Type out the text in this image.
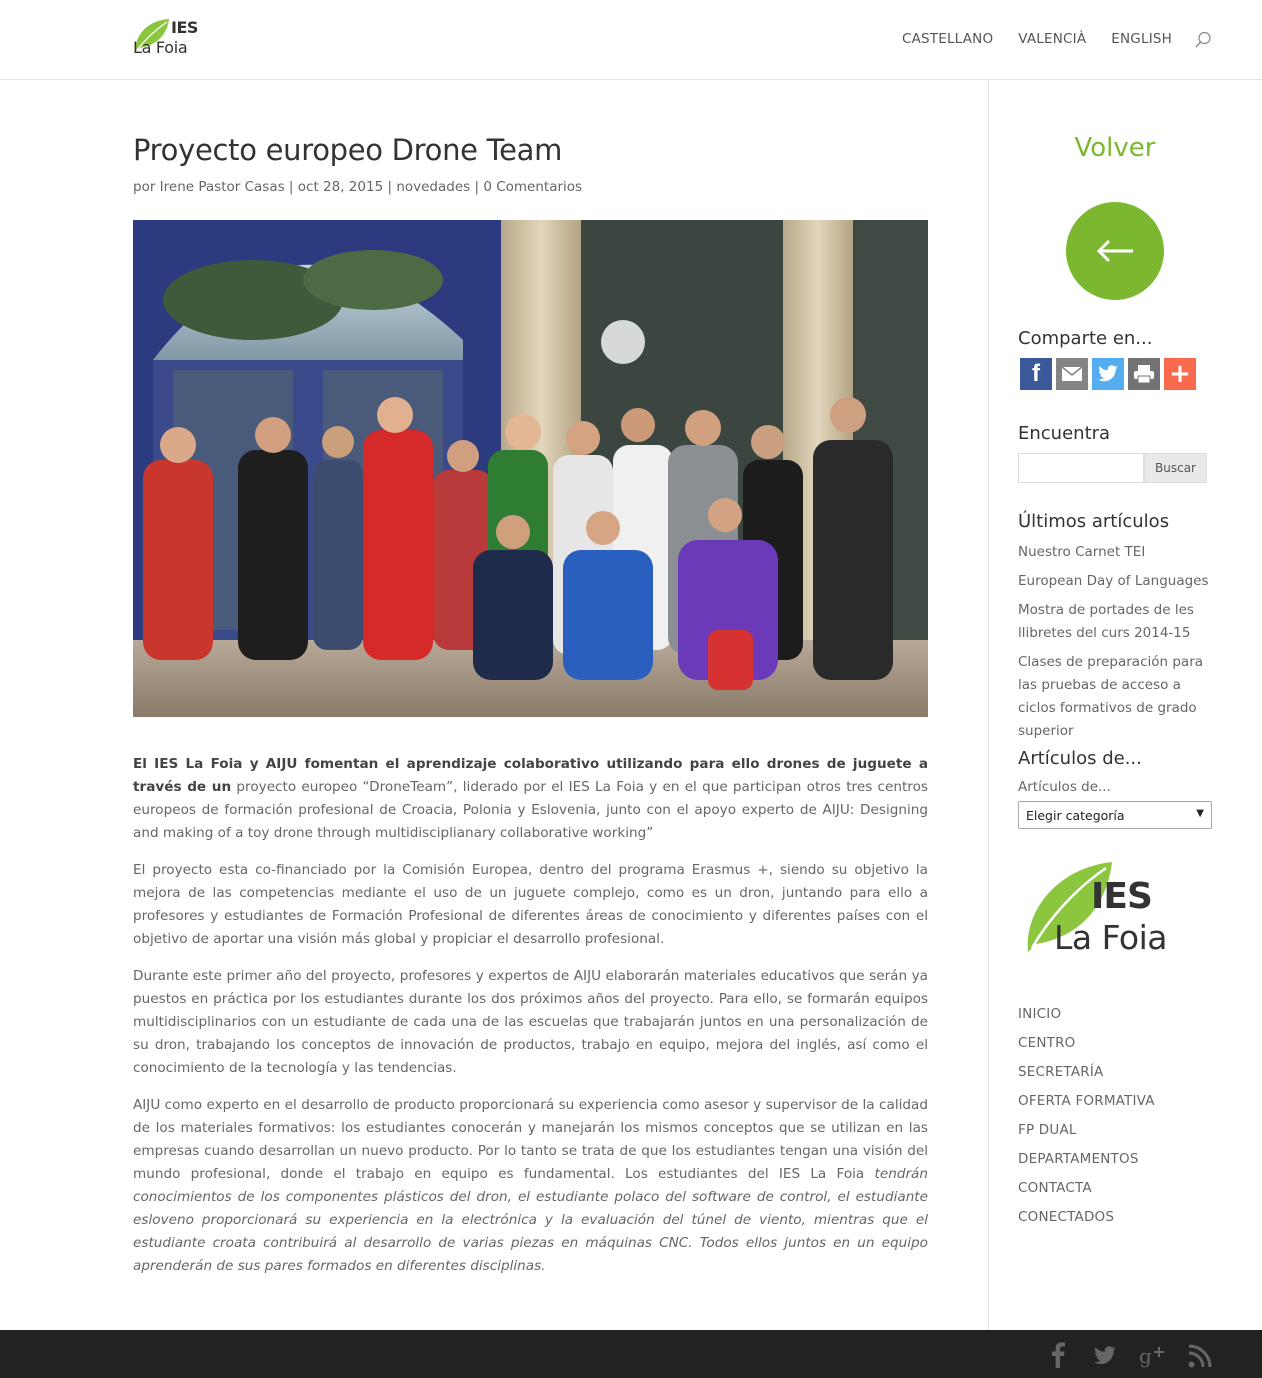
IES
La Foia	CASTELLANO VALENCIÀ ENGLISH
Proyecto europeo Drone Team
por Irene Pastor Casas | oct 28, 2015 | novedades | 0 Comentarios

El IES La Foia y AIJU fomentan el aprendizaje colaborativo utilizando para ello drones de juguete a través de un proyecto europeo “DroneTeam”, liderado por el IES La Foia y en el que participan otros tres centros europeos de formación profesional de Croacia, Polonia y Eslovenia, junto con el apoyo experto de AIJU: Designing and making of a toy drone through multidisciplianary collaborative working”

El proyecto esta co-financiado por la Comisión Europea, dentro del programa Erasmus +, siendo su objetivo la mejora de las competencias mediante el uso de un juguete complejo, como es un dron, juntando para ello a profesores y estudiantes de Formación Profesional de diferentes áreas de conocimiento y diferentes países con el objetivo de aportar una visión más global y propiciar el desarrollo profesional.

Durante este primer año del proyecto, profesores y expertos de AIJU elaborarán materiales educativos que serán ya puestos en práctica por los estudiantes durante los dos próximos años del proyecto. Para ello, se formarán equipos multidisciplinarios con un estudiante de cada una de las escuelas que trabajarán juntos en una personalización de su dron, trabajando los conceptos de innovación de productos, trabajo en equipo, mejora del inglés, así como el conocimiento de la tecnología y las tendencias.

AIJU como experto en el desarrollo de producto proporcionará su experiencia como asesor y supervisor de la calidad de los materiales formativos: los estudiantes conocerán y manejarán los mismos conceptos que se utilizan en las empresas cuando desarrollan un nuevo producto. Por lo tanto se trata de que los estudiantes tengan una visión del mundo profesional, donde el trabajo en equipo es fundamental. Los estudiantes del IES La Foia tendrán conocimientos de los componentes plásticos del dron, el estudiante polaco del software de control, el estudiante esloveno proporcionará su experiencia en la electrónica y la evaluación del túnel de viento, mientras que el estudiante croata contribuirá al desarrollo de varias piezas en máquinas CNC. Todos ellos juntos en un equipo aprenderán de sus pares formados en diferentes disciplinas.

Volver
Comparte en...
f	+
Encuentra
Buscar
Últimos artículos
Nuestro Carnet TEI
European Day of Languages
Mostra de portades de les llibretes del curs 2014-15
Clases de preparación para las pruebas de acceso a ciclos formativos de grado superior
Artículos de...
Artículos de...
Elegir categoría	▼
IES
La Foia
INICIO
CENTRO
SECRETARÍA
OFERTA FORMATIVA
FP DUAL
DEPARTAMENTOS
CONTACTA
CONECTADOS
g
